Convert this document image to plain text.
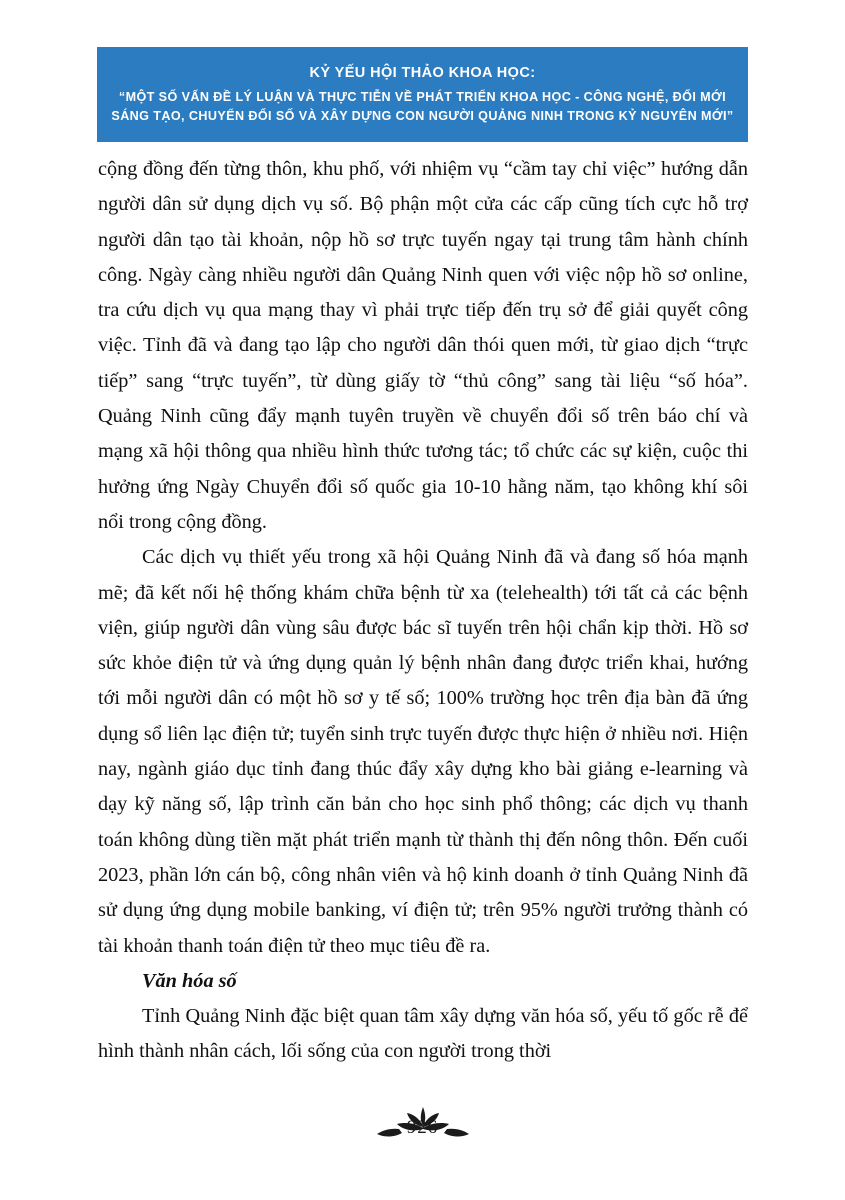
KỶ YẾU HỘI THẢO KHOA HỌC:
“MỘT SỐ VẤN ĐỀ LÝ LUẬN VÀ THỰC TIỄN VỀ PHÁT TRIỂN KHOA HỌC - CÔNG NGHỆ, ĐỔI MỚI
SÁNG TẠO, CHUYỂN ĐỔI SỐ VÀ XÂY DỰNG CON NGƯỜI QUẢNG NINH TRONG KỶ NGUYÊN MỚI”

cộng đồng đến từng thôn, khu phố, với nhiệm vụ “cầm tay chỉ việc” hướng dẫn người dân sử dụng dịch vụ số. Bộ phận một cửa các cấp cũng tích cực hỗ trợ người dân tạo tài khoản, nộp hồ sơ trực tuyến ngay tại trung tâm hành chính công. Ngày càng nhiều người dân Quảng Ninh quen với việc nộp hồ sơ online, tra cứu dịch vụ qua mạng thay vì phải trực tiếp đến trụ sở để giải quyết công việc. Tỉnh đã và đang tạo lập cho người dân thói quen mới, từ giao dịch “trực tiếp” sang “trực tuyến”, từ dùng giấy tờ “thủ công” sang tài liệu “số hóa”. Quảng Ninh cũng đẩy mạnh tuyên truyền về chuyển đổi số trên báo chí và mạng xã hội thông qua nhiều hình thức tương tác; tổ chức các sự kiện, cuộc thi hưởng ứng Ngày Chuyển đổi số quốc gia 10-10 hằng năm, tạo không khí sôi nổi trong cộng đồng.

Các dịch vụ thiết yếu trong xã hội Quảng Ninh đã và đang số hóa mạnh mẽ; đã kết nối hệ thống khám chữa bệnh từ xa (telehealth) tới tất cả các bệnh viện, giúp người dân vùng sâu được bác sĩ tuyến trên hội chẩn kịp thời. Hồ sơ sức khỏe điện tử và ứng dụng quản lý bệnh nhân đang được triển khai, hướng tới mỗi người dân có một hồ sơ y tế số; 100% trường học trên địa bàn đã ứng dụng sổ liên lạc điện tử; tuyển sinh trực tuyến được thực hiện ở nhiều nơi. Hiện nay, ngành giáo dục tỉnh đang thúc đẩy xây dựng kho bài giảng e-learning và dạy kỹ năng số, lập trình căn bản cho học sinh phổ thông; các dịch vụ thanh toán không dùng tiền mặt phát triển mạnh từ thành thị đến nông thôn. Đến cuối 2023, phần lớn cán bộ, công nhân viên và hộ kinh doanh ở tỉnh Quảng Ninh đã sử dụng ứng dụng mobile banking, ví điện tử; trên 95% người trưởng thành có tài khoản thanh toán điện tử theo mục tiêu đề ra.

Văn hóa số

Tỉnh Quảng Ninh đặc biệt quan tâm xây dựng văn hóa số, yếu tố gốc rễ để hình thành nhân cách, lối sống của con người trong thời

926
